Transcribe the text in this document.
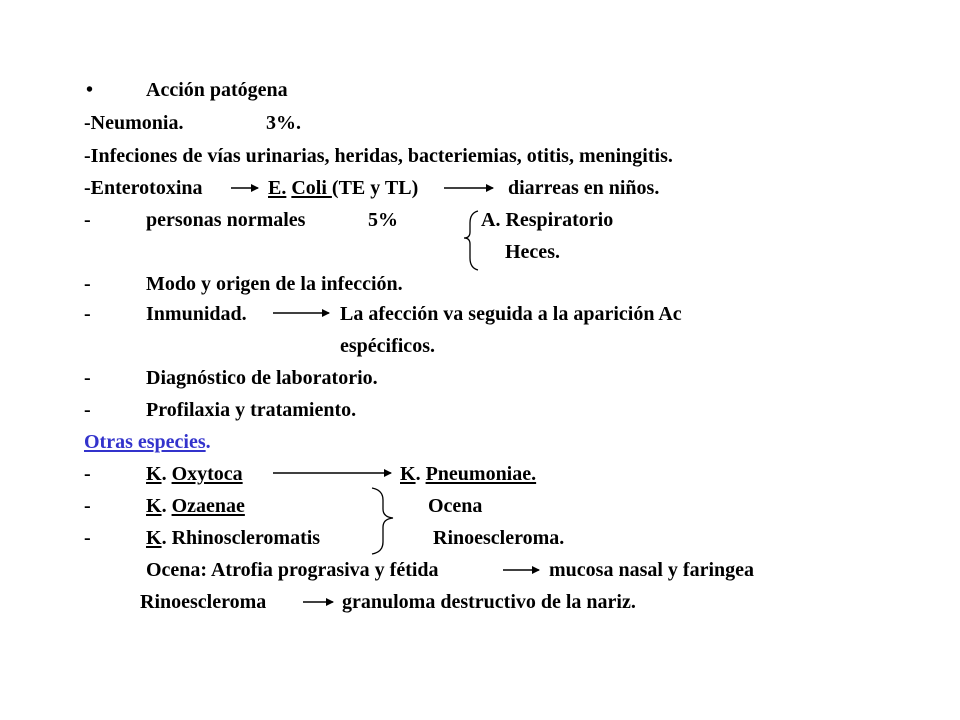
•	Acción patógena
-Neumonia.	3%.
-Infeciones de vías urinarias, heridas, bacteriemias, otitis, meningitis.
-Enterotoxina	E. Coli (TE y TL)	diarreas en niños.
-	personas normales	5%	A. Respiratorio
Heces.
-	Modo y origen de la infección.
-	Inmunidad.	La afección va seguida a la aparición Ac
espécificos.
-	Diagnóstico de laboratorio.
-	Profilaxia y tratamiento.
Otras especies.
-	K. Oxytoca	K. Pneumoniae.
-	K. Ozaenae	Ocena
-	K. Rhinoscleromatis	Rinoescleroma.
Ocena: Atrofia prograsiva y fétida	mucosa nasal y faringea
Rinoescleroma	granuloma destructivo de la nariz.
